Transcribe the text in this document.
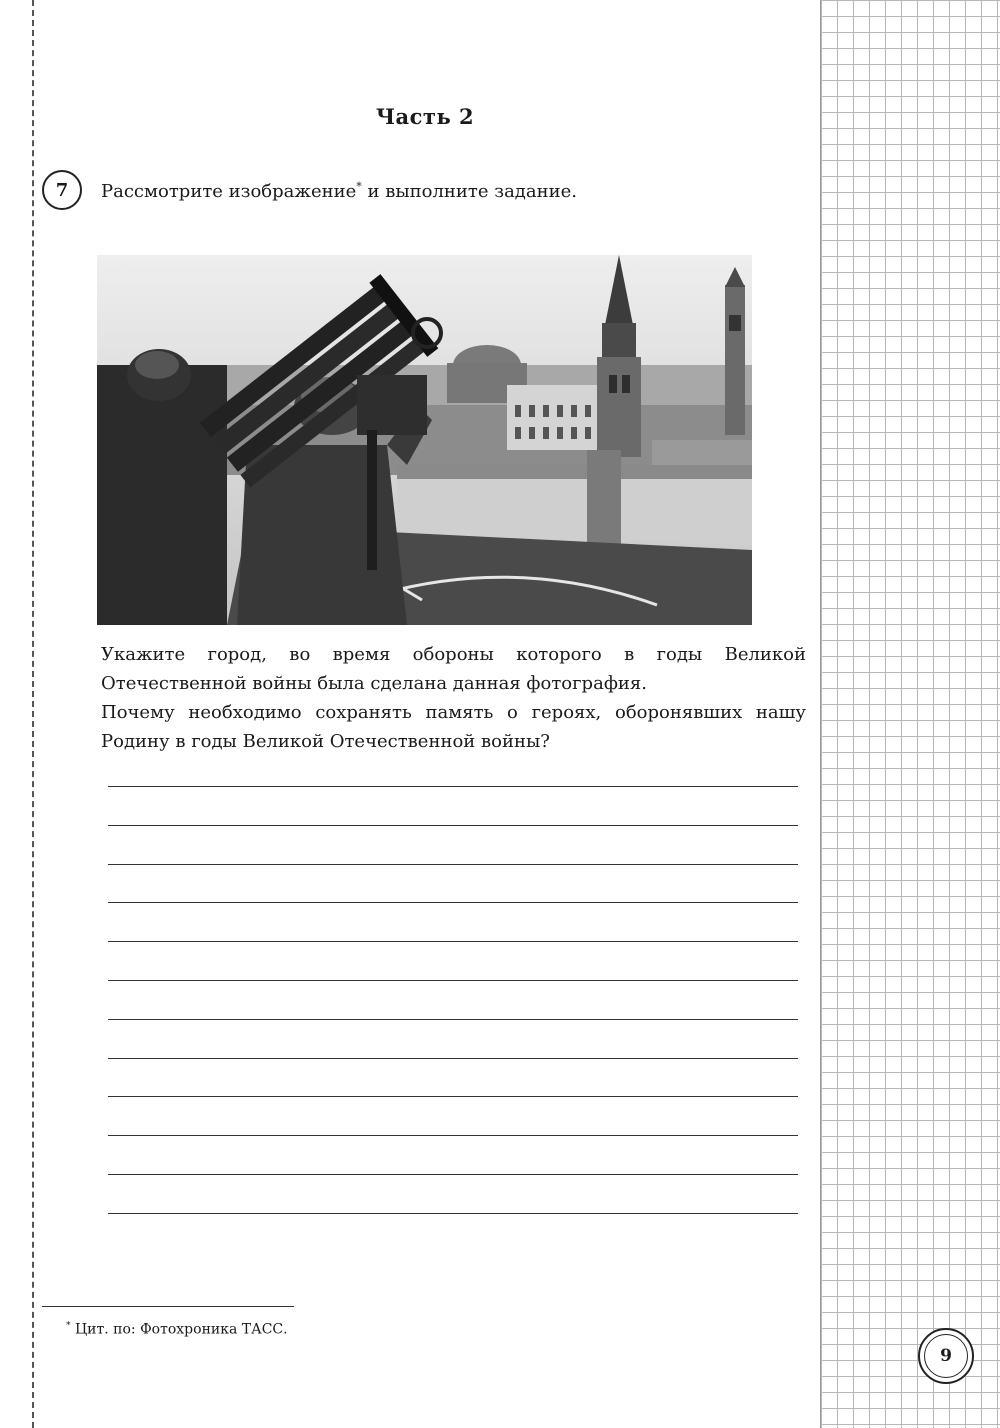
Часть 2
7 Рассмотрите изображение* и выполните задание.

Укажите город, во время обороны которого в годы Великой Отечественной войны была сделана данная фотография.

Почему необходимо сохранять память о героях, оборонявших нашу Родину в годы Великой Отечественной войны?

* Цит. по: Фотохроника ТАСС.
9
